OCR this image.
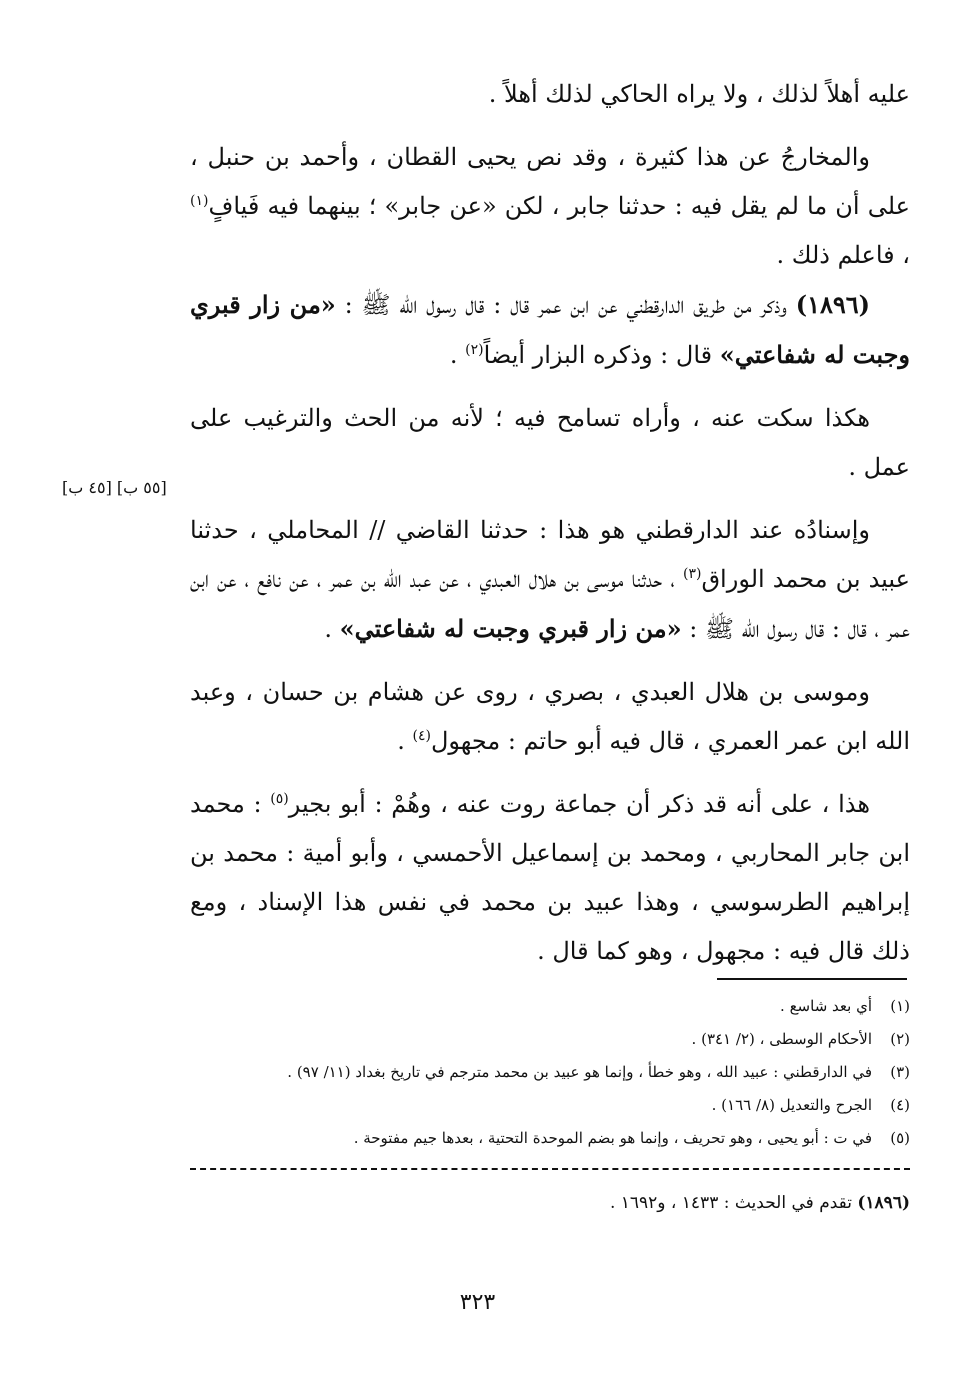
عليه أهلاً لذلك ، ولا يراه الحاكي لذلك أهلاً .

والمخارجُ عن هذا كثيرة ، وقد نص يحيى القطان ، وأحمد بن حنبل ، على أن ما لم يقل فيه : حدثنا جابر ، لكن «عن جابر» ؛ بينهما فيه فَيافٍ$^{(١)}$ ، فاعلم ذلك .

(١٨٩٦) وذكر من طريق الدارقطني عن ابن عمر قال : قال رسول الله ﷺ : «من زار قبري وجبت له شفاعتي» قال : وذكره البزار أيضاً$^{(٢)}$ .

هكذا سكت عنه ، وأراه تسامح فيه ؛ لأنه من الحث والترغيب على عمل .

وإسنادُه عند الدارقطني هو هذا : حدثنا القاضي // المحاملي ، حدثنا عبيد بن محمد الوراق$^{(٣)}$ ، حدثنا موسى بن هلال العبدي ، عن عبد الله بن عمر ، عن نافع ، عن ابن عمر ، قال : قال رسول الله ﷺ : «من زار قبري وجبت له شفاعتي» .

وموسى بن هلال العبدي ، بصري ، روى عن هشام بن حسان ، وعبد الله ابن عمر العمري ، قال فيه أبو حاتم : مجهول$^{(٤)}$ .

هذا ، على أنه قد ذكر أن جماعة روت عنه ، وهُمْ : أبو بجير$^{(٥)}$ : محمد ابن جابر المحاربي ، ومحمد بن إسماعيل الأحمسي ، وأبو أمية : محمد بن إبراهيم الطرسوسي ، وهذا عبيد بن محمد في نفس هذا الإسناد ، ومع ذلك قال فيه : مجهول ، وهو كما قال .

[٥٥ ب] [٤٥ ب]
(١)
أي بعد شاسع .
(٢)
الأحكام الوسطى ، (٢/ ٣٤١) .
(٣)
في الدارقطني : عبيد الله ، وهو خطأ ، وإنما هو عبيد بن محمد مترجم في تاريخ بغداد (١١/ ٩٧) .
(٤)
الجرح والتعديل (٨/ ١٦٦) .
(٥)
في ت : أبو يحيى ، وهو تحريف ، وإنما هو بضم الموحدة التحتية ، بعدها جيم مفتوحة .
(١٨٩٦) تقدم في الحديث : ١٤٣٣ ، و١٦٩٢ .
٣٢٣
